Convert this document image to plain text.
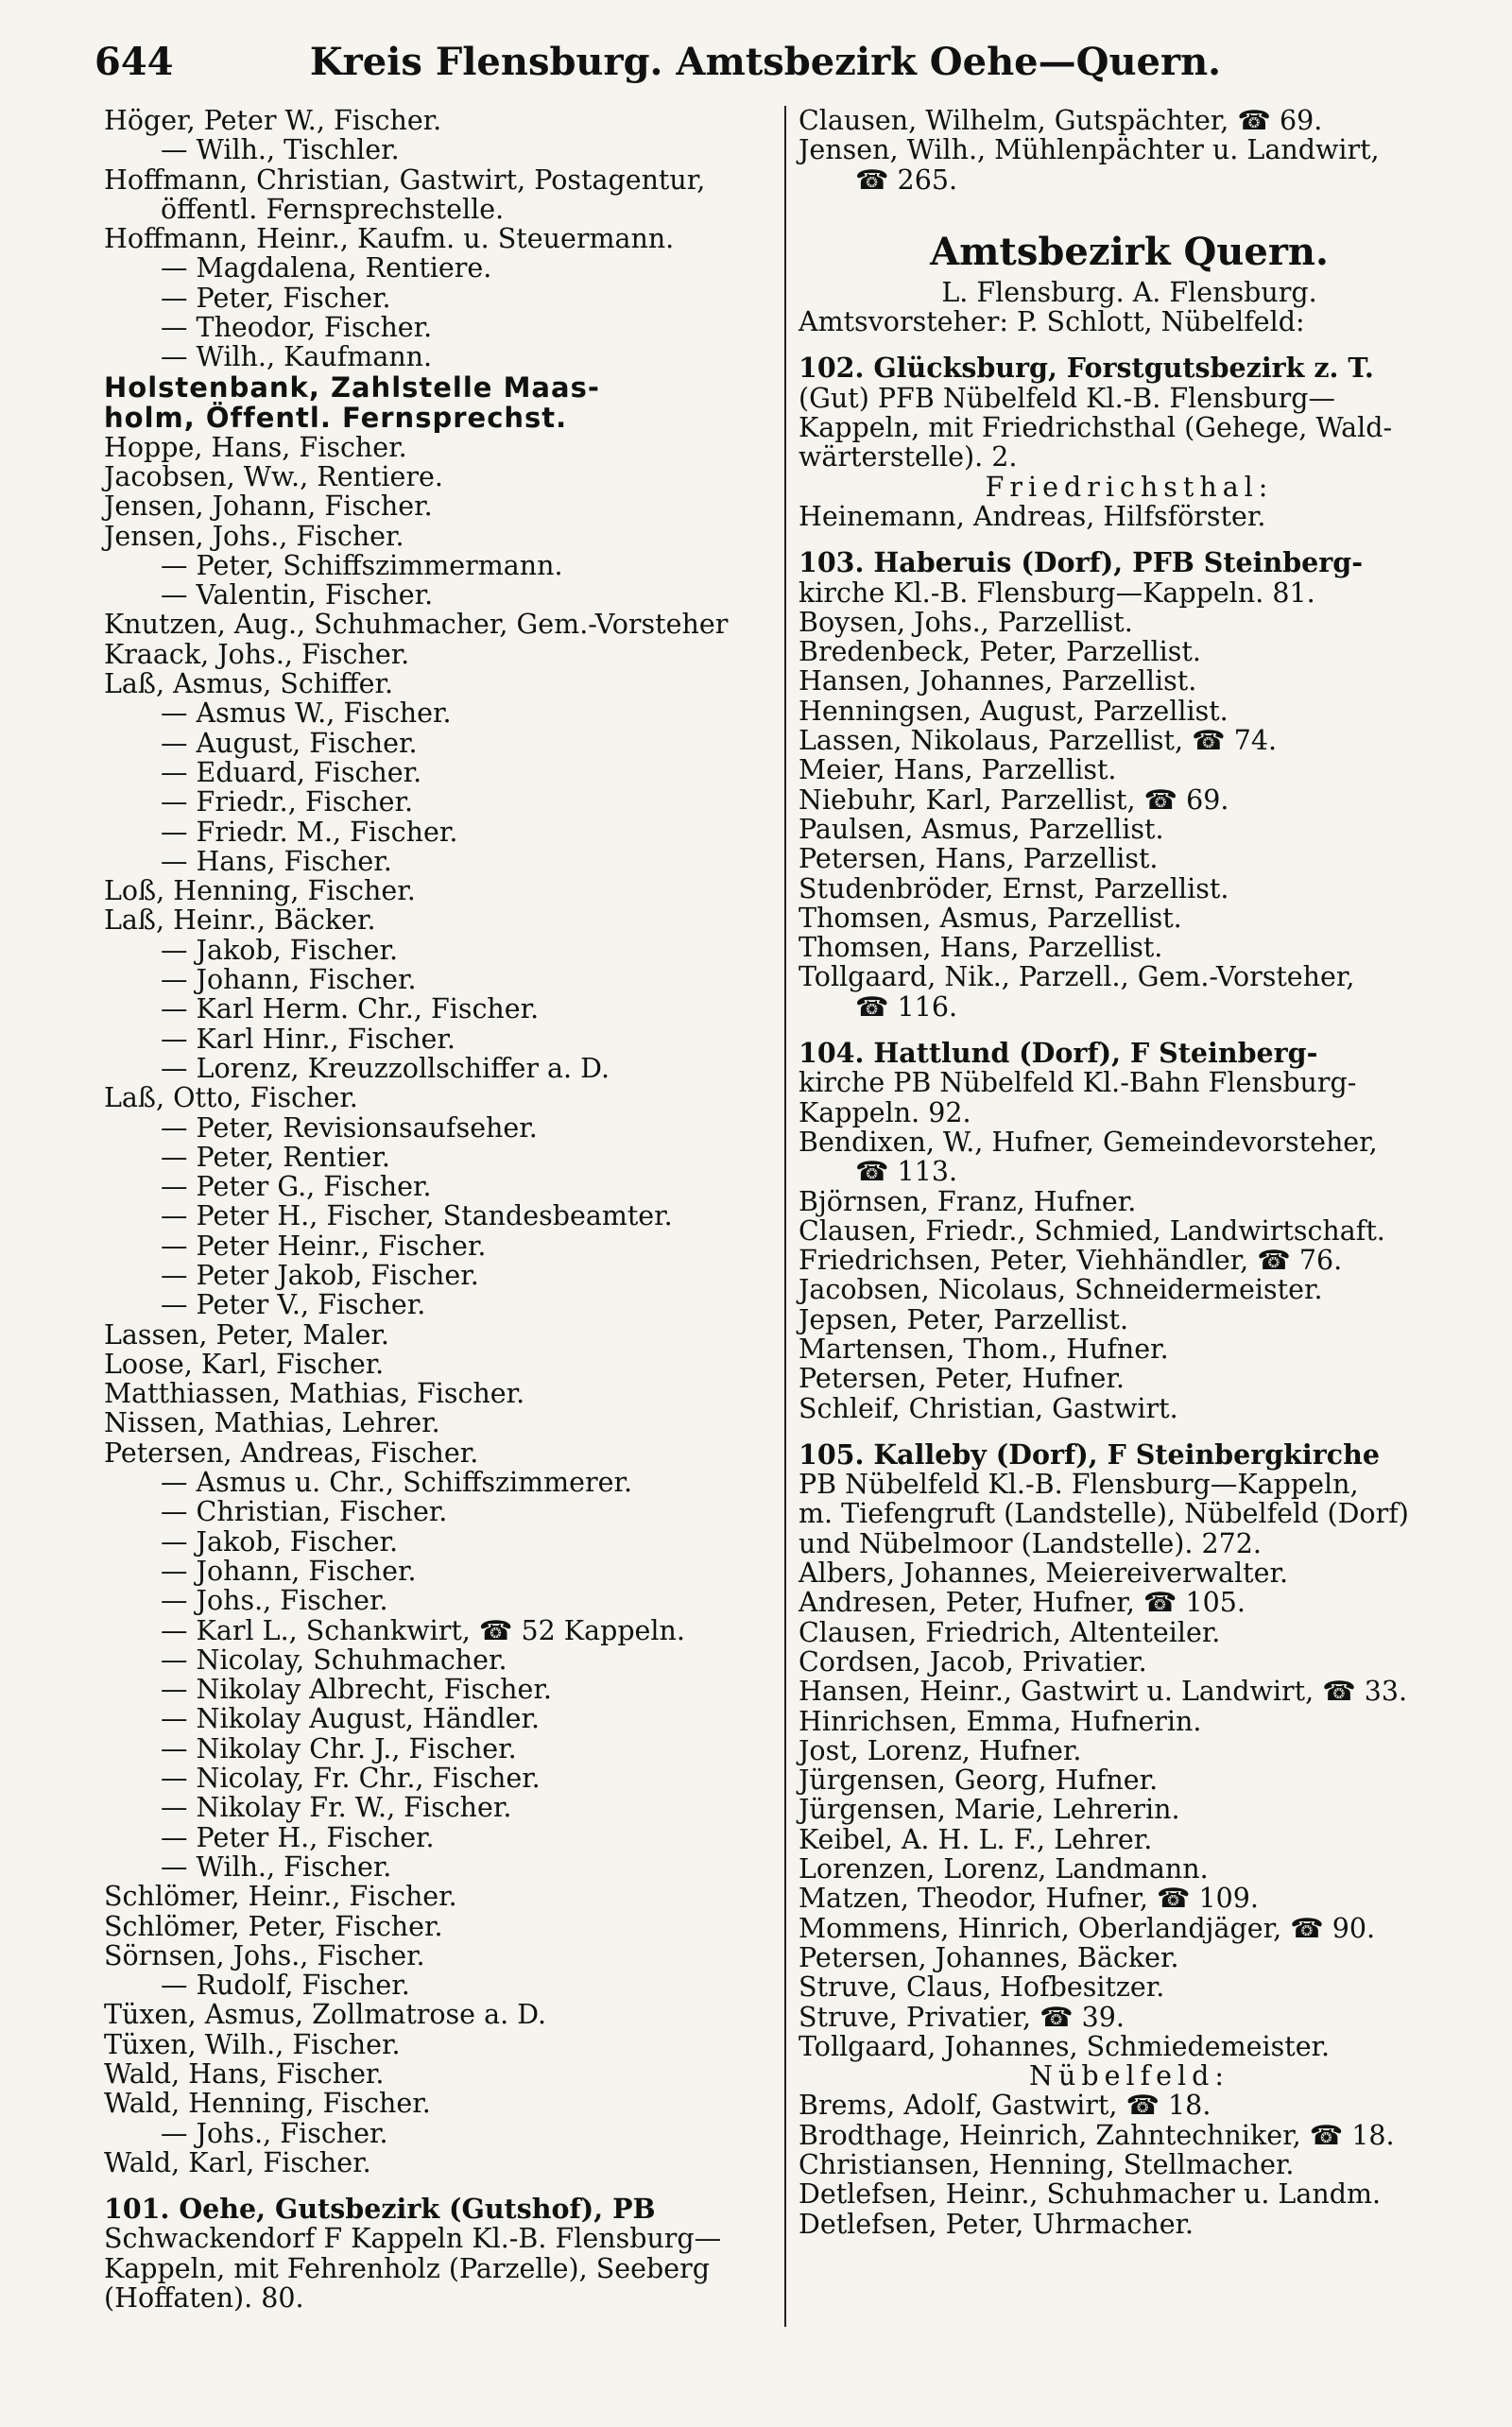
644	Kreis Flensburg. Amtsbezirk Oehe—Quern.
Höger, Peter W., Fischer.
— Wilh., Tischler.
Hoffmann, Christian, Gastwirt, Postagentur,
öffentl. Fernsprechstelle.
Hoffmann, Heinr., Kaufm. u. Steuermann.
— Magdalena, Rentiere.
— Peter, Fischer.
— Theodor, Fischer.
— Wilh., Kaufmann.
Holstenbank, Zahlstelle Maas-
holm, Öffentl. Fernsprechst.
Hoppe, Hans, Fischer.
Jacobsen, Ww., Rentiere.
Jensen, Johann, Fischer.
Jensen, Johs., Fischer.
— Peter, Schiffszimmermann.
— Valentin, Fischer.
Knutzen, Aug., Schuhmacher, Gem.-Vorsteher
Kraack, Johs., Fischer.
Laß, Asmus, Schiffer.
— Asmus W., Fischer.
— August, Fischer.
— Eduard, Fischer.
— Friedr., Fischer.
— Friedr. M., Fischer.
— Hans, Fischer.
Loß, Henning, Fischer.
Laß, Heinr., Bäcker.
— Jakob, Fischer.
— Johann, Fischer.
— Karl Herm. Chr., Fischer.
— Karl Hinr., Fischer.
— Lorenz, Kreuzzollschiffer a. D.
Laß, Otto, Fischer.
— Peter, Revisionsaufseher.
— Peter, Rentier.
— Peter G., Fischer.
— Peter H., Fischer, Standesbeamter.
— Peter Heinr., Fischer.
— Peter Jakob, Fischer.
— Peter V., Fischer.
Lassen, Peter, Maler.
Loose, Karl, Fischer.
Matthiassen, Mathias, Fischer.
Nissen, Mathias, Lehrer.
Petersen, Andreas, Fischer.
— Asmus u. Chr., Schiffszimmerer.
— Christian, Fischer.
— Jakob, Fischer.
— Johann, Fischer.
— Johs., Fischer.
— Karl L., Schankwirt, ☎ 52 Kappeln.
— Nicolay, Schuhmacher.
— Nikolay Albrecht, Fischer.
— Nikolay August, Händler.
— Nikolay Chr. J., Fischer.
— Nicolay, Fr. Chr., Fischer.
— Nikolay Fr. W., Fischer.
— Peter H., Fischer.
— Wilh., Fischer.
Schlömer, Heinr., Fischer.
Schlömer, Peter, Fischer.
Sörnsen, Johs., Fischer.
— Rudolf, Fischer.
Tüxen, Asmus, Zollmatrose a. D.
Tüxen, Wilh., Fischer.
Wald, Hans, Fischer.
Wald, Henning, Fischer.
— Johs., Fischer.
Wald, Karl, Fischer.
101. Oehe, Gutsbezirk (Gutshof), PB
Schwackendorf F Kappeln Kl.-B. Flensburg—
Kappeln, mit Fehrenholz (Parzelle), Seeberg
(Hoffaten). 80.
Clausen, Wilhelm, Gutspächter, ☎ 69.
Jensen, Wilh., Mühlenpächter u. Landwirt,
☎ 265.
Amtsbezirk Quern.
L. Flensburg. A. Flensburg.
Amtsvorsteher: P. Schlott, Nübelfeld:
102. Glücksburg, Forstgutsbezirk z. T.
(Gut) PFB Nübelfeld Kl.-B. Flensburg—
Kappeln, mit Friedrichsthal (Gehege, Wald-
wärterstelle). 2.
Friedrichsthal:
Heinemann, Andreas, Hilfsförster.
103. Haberuis (Dorf), PFB Steinberg-
kirche Kl.-B. Flensburg—Kappeln. 81.
Boysen, Johs., Parzellist.
Bredenbeck, Peter, Parzellist.
Hansen, Johannes, Parzellist.
Henningsen, August, Parzellist.
Lassen, Nikolaus, Parzellist, ☎ 74.
Meier, Hans, Parzellist.
Niebuhr, Karl, Parzellist, ☎ 69.
Paulsen, Asmus, Parzellist.
Petersen, Hans, Parzellist.
Studenbröder, Ernst, Parzellist.
Thomsen, Asmus, Parzellist.
Thomsen, Hans, Parzellist.
Tollgaard, Nik., Parzell., Gem.-Vorsteher,
☎ 116.
104. Hattlund (Dorf), F Steinberg-
kirche PB Nübelfeld Kl.-Bahn Flensburg-
Kappeln. 92.
Bendixen, W., Hufner, Gemeindevorsteher,
☎ 113.
Björnsen, Franz, Hufner.
Clausen, Friedr., Schmied, Landwirtschaft.
Friedrichsen, Peter, Viehhändler, ☎ 76.
Jacobsen, Nicolaus, Schneidermeister.
Jepsen, Peter, Parzellist.
Martensen, Thom., Hufner.
Petersen, Peter, Hufner.
Schleif, Christian, Gastwirt.
105. Kalleby (Dorf), F Steinbergkirche
PB Nübelfeld Kl.-B. Flensburg—Kappeln,
m. Tiefengruft (Landstelle), Nübelfeld (Dorf)
und Nübelmoor (Landstelle). 272.
Albers, Johannes, Meiereiverwalter.
Andresen, Peter, Hufner, ☎ 105.
Clausen, Friedrich, Altenteiler.
Cordsen, Jacob, Privatier.
Hansen, Heinr., Gastwirt u. Landwirt, ☎ 33.
Hinrichsen, Emma, Hufnerin.
Jost, Lorenz, Hufner.
Jürgensen, Georg, Hufner.
Jürgensen, Marie, Lehrerin.
Keibel, A. H. L. F., Lehrer.
Lorenzen, Lorenz, Landmann.
Matzen, Theodor, Hufner, ☎ 109.
Mommens, Hinrich, Oberlandjäger, ☎ 90.
Petersen, Johannes, Bäcker.
Struve, Claus, Hofbesitzer.
Struve, Privatier, ☎ 39.
Tollgaard, Johannes, Schmiedemeister.
Nübelfeld:
Brems, Adolf, Gastwirt, ☎ 18.
Brodthage, Heinrich, Zahntechniker, ☎ 18.
Christiansen, Henning, Stellmacher.
Detlefsen, Heinr., Schuhmacher u. Landm.
Detlefsen, Peter, Uhrmacher.
